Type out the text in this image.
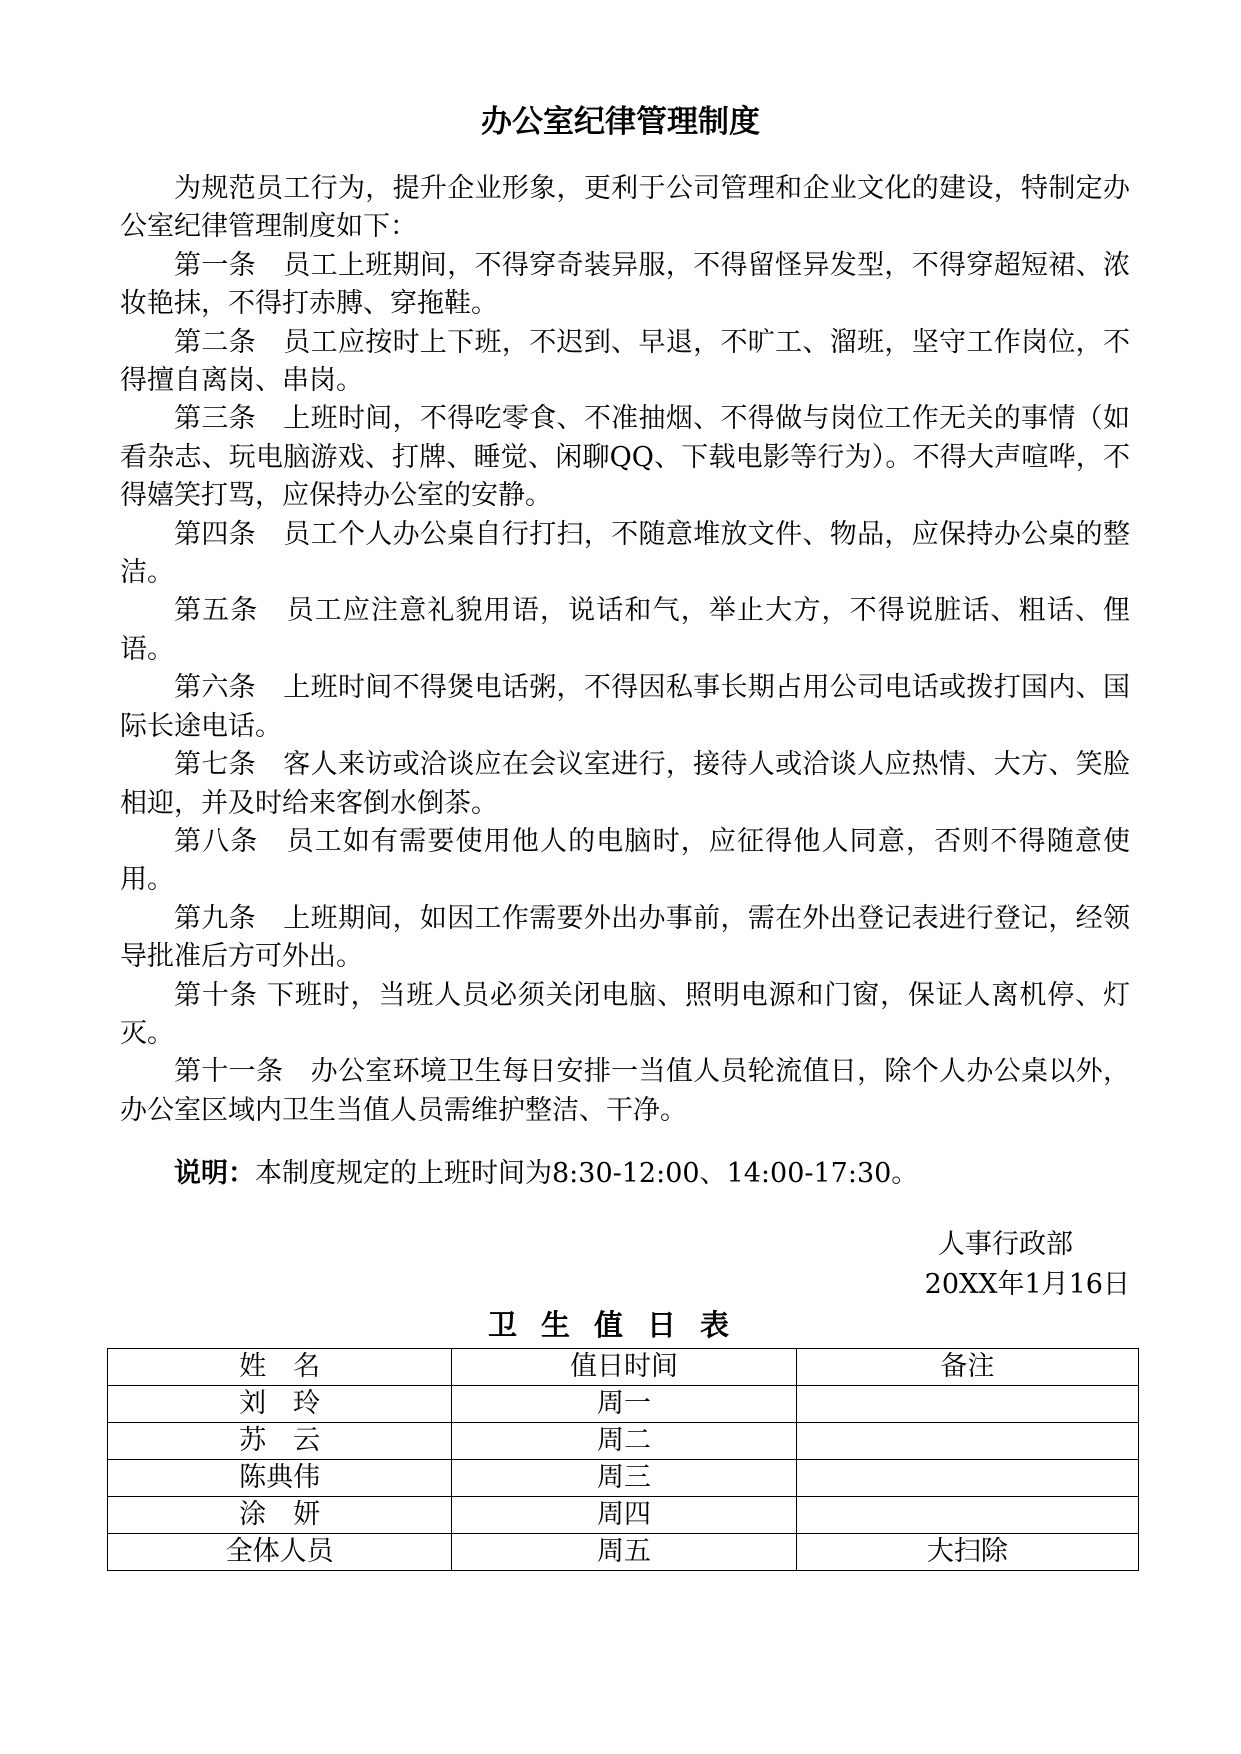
办公室纪律管理制度

为规范员工行为，提升企业形象，更利于公司管理和企业文化的建设，特制定办公室纪律管理制度如下：

第一条　员工上班期间，不得穿奇装异服，不得留怪异发型，不得穿超短裙、浓妆艳抹，不得打赤膊、穿拖鞋。

第二条　员工应按时上下班，不迟到、早退，不旷工、溜班，坚守工作岗位，不得擅自离岗、串岗。

第三条　上班时间，不得吃零食、不准抽烟、不得做与岗位工作无关的事情（如看杂志、玩电脑游戏、打牌、睡觉、闲聊QQ、下载电影等行为）。不得大声喧哗，不得嬉笑打骂，应保持办公室的安静。

第四条　员工个人办公桌自行打扫，不随意堆放文件、物品，应保持办公桌的整洁。

第五条　员工应注意礼貌用语，说话和气，举止大方，不得说脏话、粗话、俚语。

第六条　上班时间不得煲电话粥，不得因私事长期占用公司电话或拨打国内、国际长途电话。

第七条　客人来访或洽谈应在会议室进行，接待人或洽谈人应热情、大方、笑脸相迎，并及时给来客倒水倒茶。

第八条　员工如有需要使用他人的电脑时，应征得他人同意，否则不得随意使用。

第九条　上班期间，如因工作需要外出办事前，需在外出登记表进行登记，经领导批准后方可外出。

第十条 下班时，当班人员必须关闭电脑、照明电源和门窗，保证人离机停、灯灭。

第十一条　办公室环境卫生每日安排一当值人员轮流值日，除个人办公桌以外，办公室区域内卫生当值人员需维护整洁、干净。

说明：本制度规定的上班时间为8:30-12:00、14:00-17:30。

人事行政部
20XX年1月16日
卫生值日表
姓　名	值日时间	备注
刘　玲	周一	
苏　云	周二	
陈典伟	周三	
涂　妍	周四	
全体人员	周五	大扫除
